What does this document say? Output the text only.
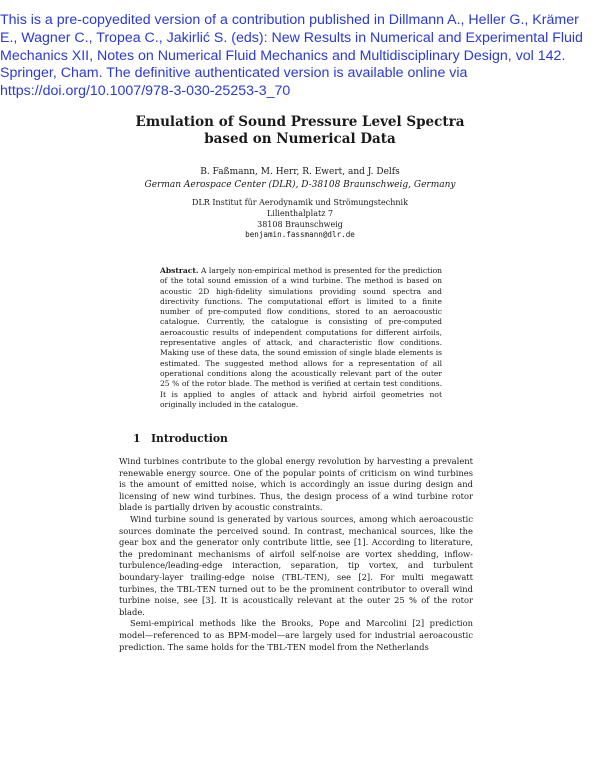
This is a pre-copyedited version of a contribution published in Dillmann A., Heller G., Krämer E., Wagner C., Tropea C., Jakirlić S. (eds): New Results in Numerical and Experimental Fluid Mechanics XII, Notes on Numerical Fluid Mechanics and Multidisciplinary Design, vol 142. Springer, Cham. The definitive authenticated version is available online via https://doi.org/10.1007/978-3-030-25253-3_70
Emulation of Sound Pressure Level Spectra
based on Numerical Data
B. Faßmann, M. Herr, R. Ewert, and J. Delfs
German Aerospace Center (DLR), D-38108 Braunschweig, Germany
DLR Institut für Aerodynamik und Strömungstechnik
Lilienthalplatz 7
38108 Braunschweig
benjamin.fassmann@dlr.de
Abstract. A largely non-empirical method is presented for the prediction of the total sound emission of a wind turbine. The method is based on acoustic 2D high-fidelity simulations providing sound spectra and directivity functions. The computational effort is limited to a finite number of pre-computed flow conditions, stored to an aeroacoustic catalogue. Currently, the catalogue is consisting of pre-computed aeroacoustic results of independent computations for different airfoils, representative angles of attack, and characteristic flow conditions. Making use of these data, the sound emission of single blade elements is estimated. The suggested method allows for a representation of all operational conditions along the acoustically relevant part of the outer 25 % of the rotor blade. The method is verified at certain test conditions. It is applied to angles of attack and hybrid airfoil geometries not originally included in the catalogue.
1 Introduction

Wind turbines contribute to the global energy revolution by harvesting a prevalent renewable energy source. One of the popular points of criticism on wind turbines is the amount of emitted noise, which is accordingly an issue during design and licensing of new wind turbines. Thus, the design process of a wind turbine rotor blade is partially driven by acoustic constraints.

Wind turbine sound is generated by various sources, among which aeroacoustic sources dominate the perceived sound. In contrast, mechanical sources, like the gear box and the generator only contribute little, see [1]. According to literature, the predominant mechanisms of airfoil self-noise are vortex shedding, inflow-turbulence/leading-edge interaction, separation, tip vortex, and turbulent boundary-layer trailing-edge noise (TBL-TEN), see [2]. For multi megawatt turbines, the TBL-TEN turned out to be the prominent contributor to overall wind turbine noise, see [3]. It is acoustically relevant at the outer 25 % of the rotor blade.

Semi-empirical methods like the Brooks, Pope and Marcolini [2] prediction model—referenced to as BPM-model—are largely used for industrial aeroacoustic prediction. The same holds for the TBL-TEN model from the Netherlands
